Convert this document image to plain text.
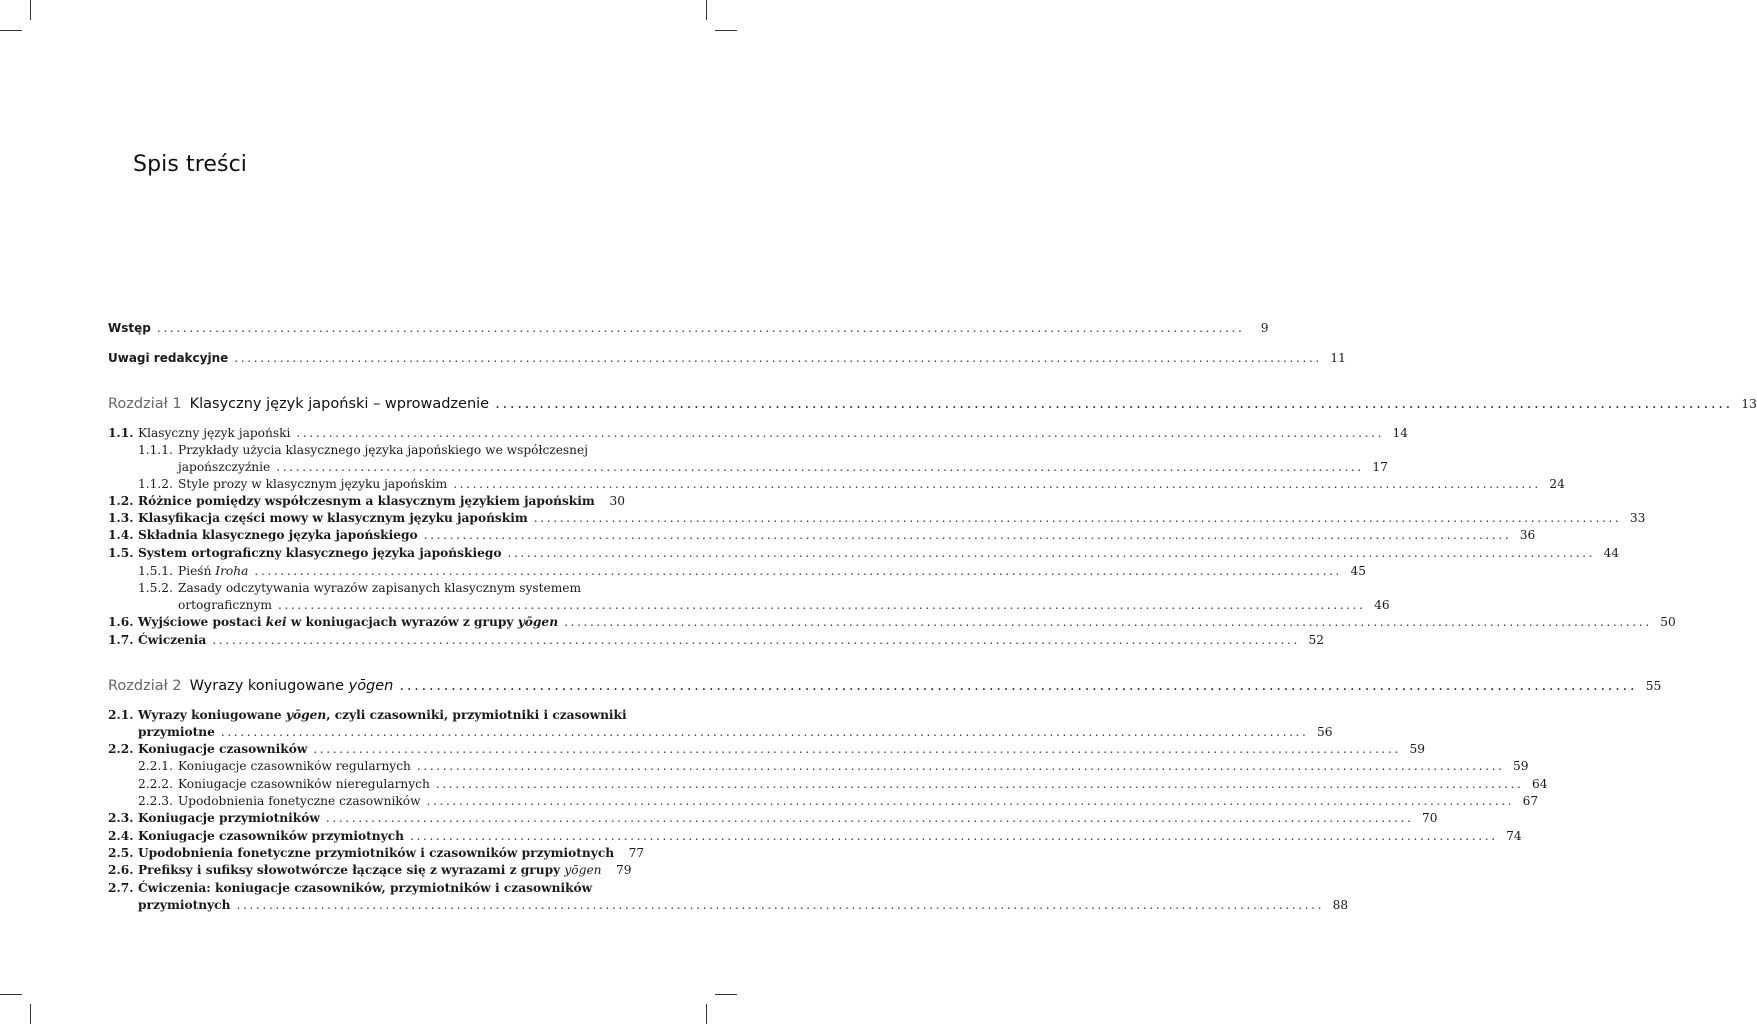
Spis treści
Wstęp ........................................................................................................................................................................	9
Uwagi redakcyjne ........................................................................................................................................................................ 11
Rozdział 1 Klasyczny język japoński – wprowadzenie ........................................................................................................................................................................ 13
1.1. Klasyczny język japoński ........................................................................................................................................................................ 14
1.1.1. Przykłady użycia klasycznego języka japońskiego we współczesnej
japońszczyźnie ........................................................................................................................................................................ 17
1.1.2. Style prozy w klasycznym języku japońskim ........................................................................................................................................................................ 24
1.2. Różnice pomiędzy współczesnym a klasycznym językiem japońskim 30
1.3. Klasyfikacja części mowy w klasycznym języku japońskim ........................................................................................................................................................................ 33
1.4. Składnia klasycznego języka japońskiego ........................................................................................................................................................................ 36
1.5. System ortograficzny klasycznego języka japońskiego ........................................................................................................................................................................ 44
1.5.1. Pieśń Iroha ........................................................................................................................................................................ 45
1.5.2. Zasady odczytywania wyrazów zapisanych klasycznym systemem
ortograficznym ........................................................................................................................................................................ 46
1.6. Wyjściowe postaci kei w koniugacjach wyrazów z grupy yōgen ........................................................................................................................................................................ 50
1.7. Ćwiczenia ........................................................................................................................................................................ 52
Rozdział 2 Wyrazy koniugowane yōgen ........................................................................................................................................................................ 55
2.1. Wyrazy koniugowane yōgen, czyli czasowniki, przymiotniki i czasowniki
przymiotne ........................................................................................................................................................................ 56
2.2. Koniugacje czasowników ........................................................................................................................................................................ 59
2.2.1. Koniugacje czasowników regularnych ........................................................................................................................................................................ 59
2.2.2. Koniugacje czasowników nieregularnych ........................................................................................................................................................................ 64
2.2.3. Upodobnienia fonetyczne czasowników ........................................................................................................................................................................ 67
2.3. Koniugacje przymiotników ........................................................................................................................................................................ 70
2.4. Koniugacje czasowników przymiotnych ........................................................................................................................................................................ 74
2.5. Upodobnienia fonetyczne przymiotników i czasowników przymiotnych 77
2.6. Prefiksy i sufiksy słowotwórcze łączące się z wyrazami z grupy yōgen 79
2.7. Ćwiczenia: koniugacje czasowników, przymiotników i czasowników
przymiotnych ........................................................................................................................................................................ 88
